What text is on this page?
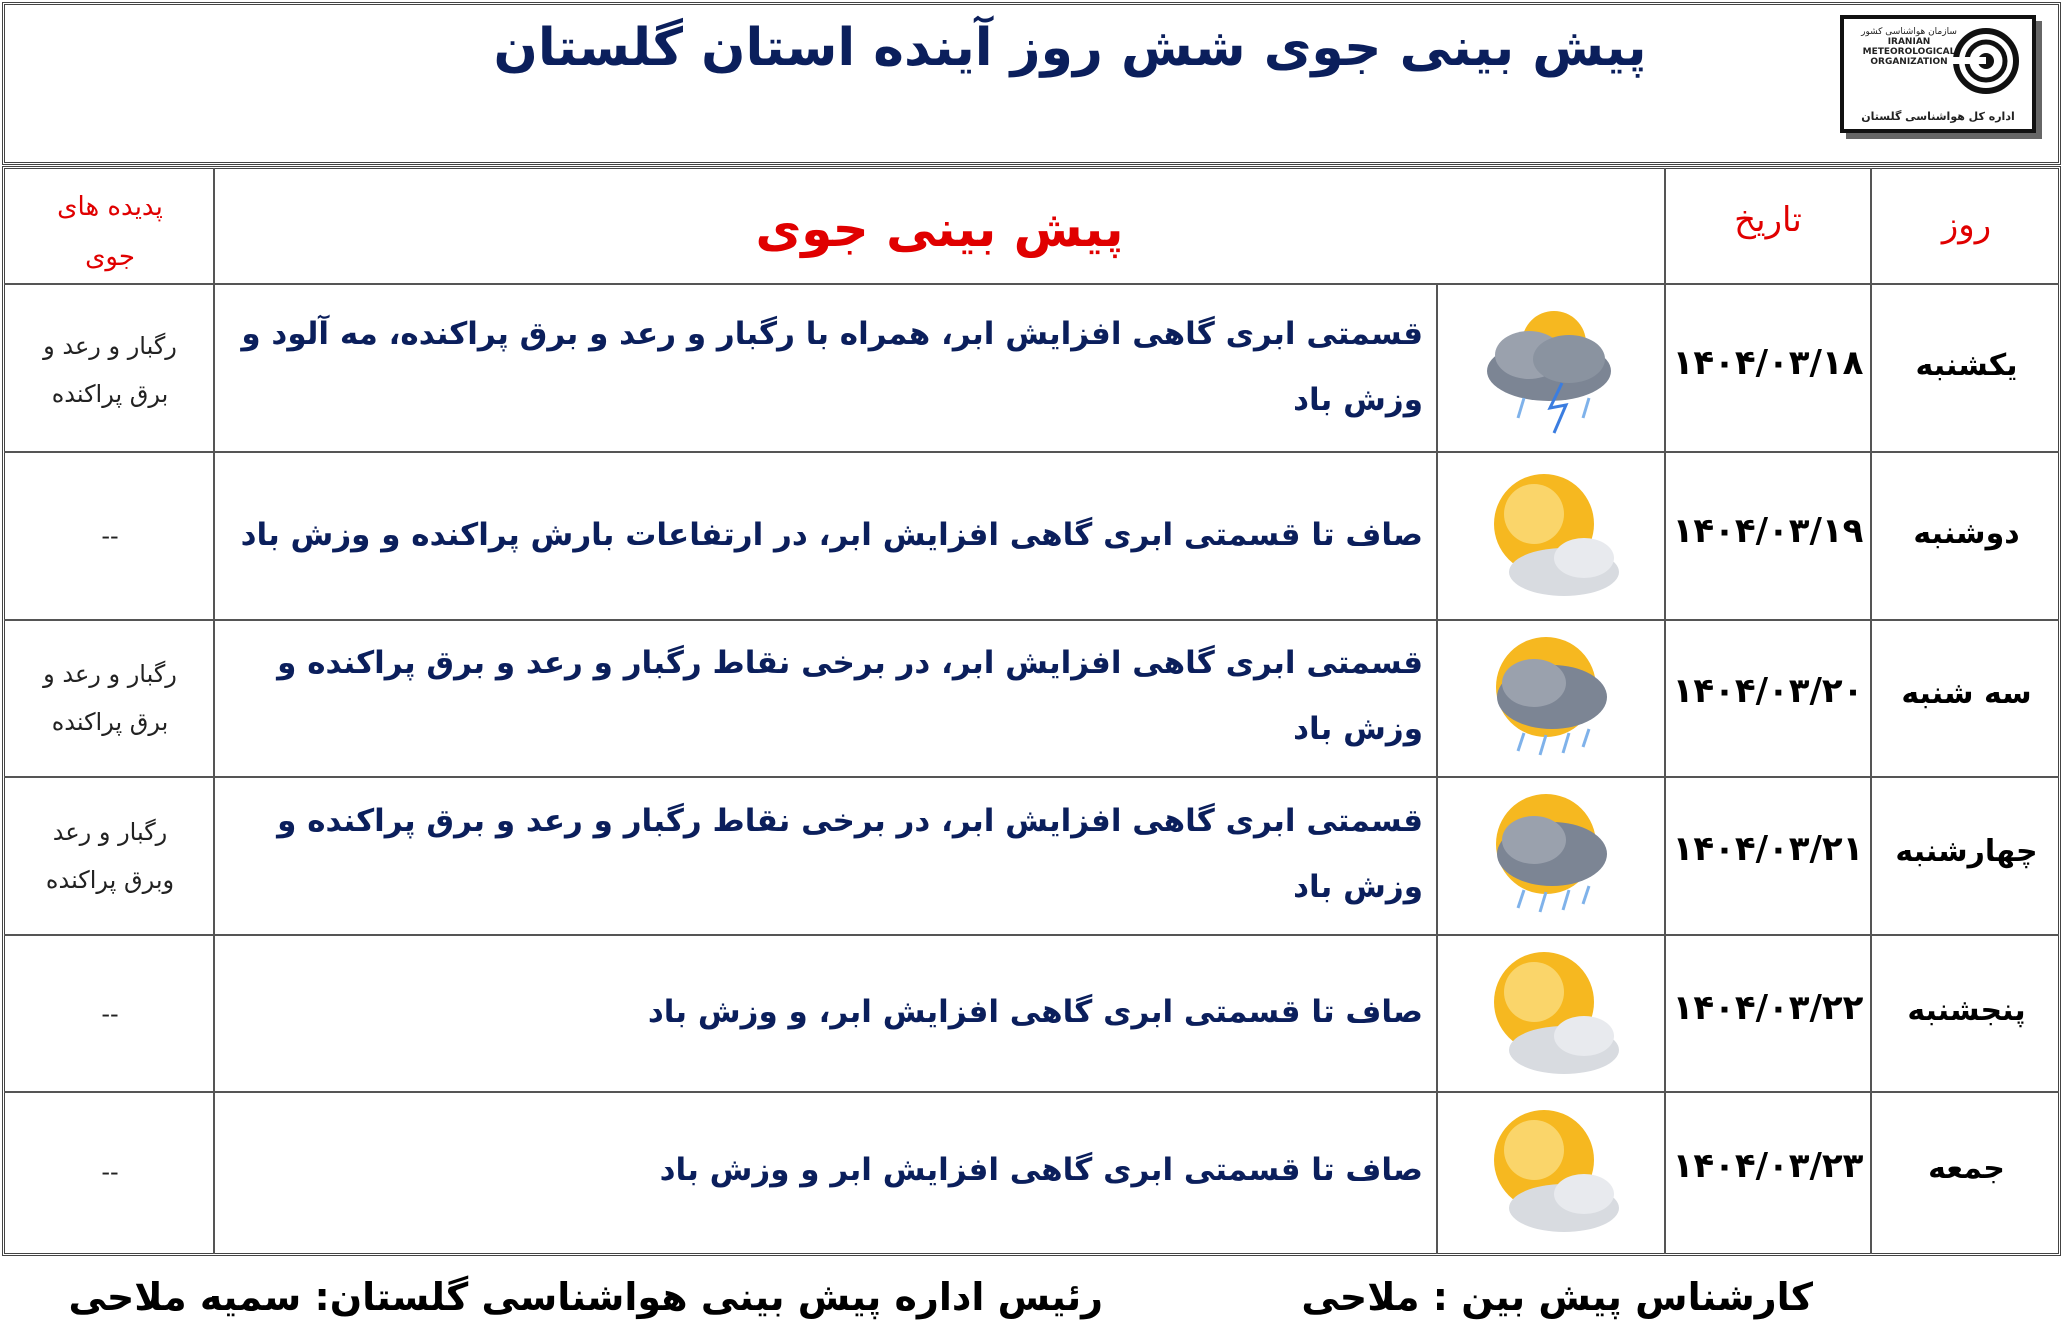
پیش بینی جوی شش روز آینده استان گلستان	سازمان هواشناسی کشور
IRANIAN METEOROLOGICAL ORGANIZATION
اداره کل هواشناسی گلستان
روز
تاریخ
پیش بینی جوی
پدیده های جوی
یکشنبه
۱۴۰۴/۰۳/۱۸
قسمتی ابری گاهی افزایش ابر، همراه با رگبار و رعد و برق پراکنده، مه آلود و وزش باد
رگبار و رعد و برق پراکنده
دوشنبه
۱۴۰۴/۰۳/۱۹
صاف تا قسمتی ابری گاهی افزایش ابر، در ارتفاعات بارش پراکنده و وزش باد
--
سه شنبه
۱۴۰۴/۰۳/۲۰
قسمتی ابری گاهی افزایش ابر، در برخی نقاط رگبار و رعد و برق پراکنده و وزش باد
رگبار و رعد و برق پراکنده
چهارشنبه
۱۴۰۴/۰۳/۲۱
قسمتی ابری گاهی افزایش ابر، در برخی نقاط رگبار و رعد و برق پراکنده و وزش باد
رگبار و رعد وبرق پراکنده
پنجشنبه
۱۴۰۴/۰۳/۲۲
صاف تا قسمتی ابری گاهی افزایش ابر، و وزش باد
--
جمعه
۱۴۰۴/۰۳/۲۳
صاف تا قسمتی ابری گاهی افزایش ابر و وزش باد
--
کارشناس پیش بین : ملاحی
رئیس اداره پیش بینی هواشناسی گلستان: سمیه ملاحی
